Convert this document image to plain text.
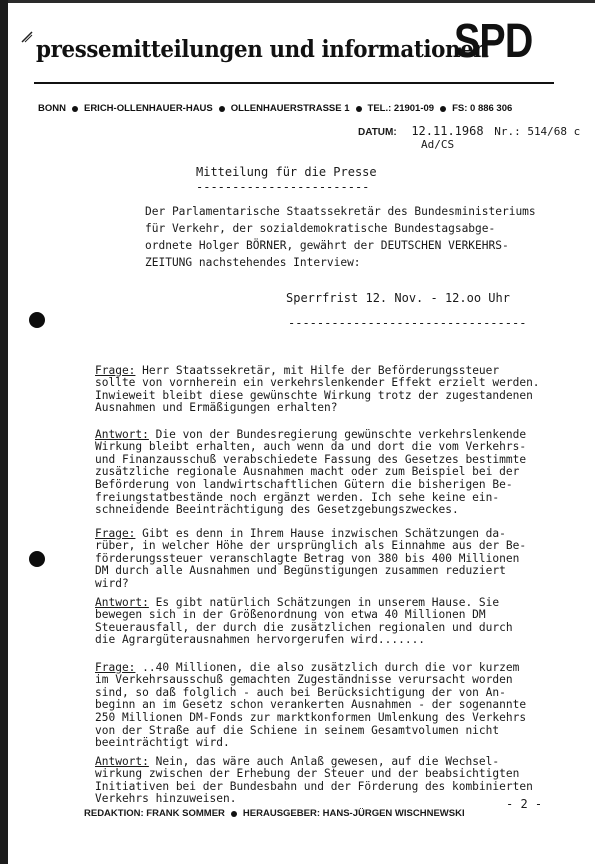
pressemitteilungen und informationen
SPD
BONN ERICH-OLLENHAUER-HAUS OLLENHAUERSTRASSE 1 TEL.: 21901-09 FS: 0 886 306
DATUM: 12.11.1968 Nr.: 514/68 c
Ad/CS
Mitteilung für die Presse
------------------------
Der Parlamentarische Staatssekretär des Bundesministeriums
für Verkehr, der sozialdemokratische Bundestagsabge-
ordnete Holger BÖRNER, gewährt der DEUTSCHEN VERKEHRS-
ZEITUNG nachstehendes Interview:
Sperrfrist 12. Nov. - 12.oo Uhr
---------------------------------

Frage: Herr Staatssekretär, mit Hilfe der Beförderungssteuer
sollte von vornherein ein verkehrslenkender Effekt erzielt werden.
Inwieweit bleibt diese gewünschte Wirkung trotz der zugestandenen
Ausnahmen und Ermäßigungen erhalten?

Antwort: Die von der Bundesregierung gewünschte verkehrslenkende
Wirkung bleibt erhalten, auch wenn da und dort die vom Verkehrs-
und Finanzausschuß verabschiedete Fassung des Gesetzes bestimmte
zusätzliche regionale Ausnahmen macht oder zum Beispiel bei der
Beförderung von landwirtschaftlichen Gütern die bisherigen Be-
freiungstatbestände noch ergänzt werden. Ich sehe keine ein-
schneidende Beeinträchtigung des Gesetzgebungszweckes.

Frage: Gibt es denn in Ihrem Hause inzwischen Schätzungen da-
rüber, in welcher Höhe der ursprünglich als Einnahme aus der Be-
förderungssteuer veranschlagte Betrag von 380 bis 400 Millionen
DM durch alle Ausnahmen und Begünstigungen zusammen reduziert
wird?

Antwort: Es gibt natürlich Schätzungen in unserem Hause. Sie
bewegen sich in der Größenordnung von etwa 40 Millionen DM
Steuerausfall, der durch die zusätzlichen regionalen und durch
die Agrargüterausnahmen hervorgerufen wird.......

Frage: ..40 Millionen, die also zusätzlich durch die vor kurzem
im Verkehrsausschuß gemachten Zugeständnisse verursacht worden
sind, so daß folglich - auch bei Berücksichtigung der von An-
beginn an im Gesetz schon verankerten Ausnahmen - der sogenannte
250 Millionen DM-Fonds zur marktkonformen Umlenkung des Verkehrs
von der Straße auf die Schiene in seinem Gesamtvolumen nicht
beeinträchtigt wird.

Antwort: Nein, das wäre auch Anlaß gewesen, auf die Wechsel-
wirkung zwischen der Erhebung der Steuer und der beabsichtigten
Initiativen bei der Bundesbahn und der Förderung des kombinierten
Verkehrs hinzuweisen.	- 2 -
REDAKTION: FRANK SOMMER HERAUSGEBER: HANS-JÜRGEN WISCHNEWSKI
